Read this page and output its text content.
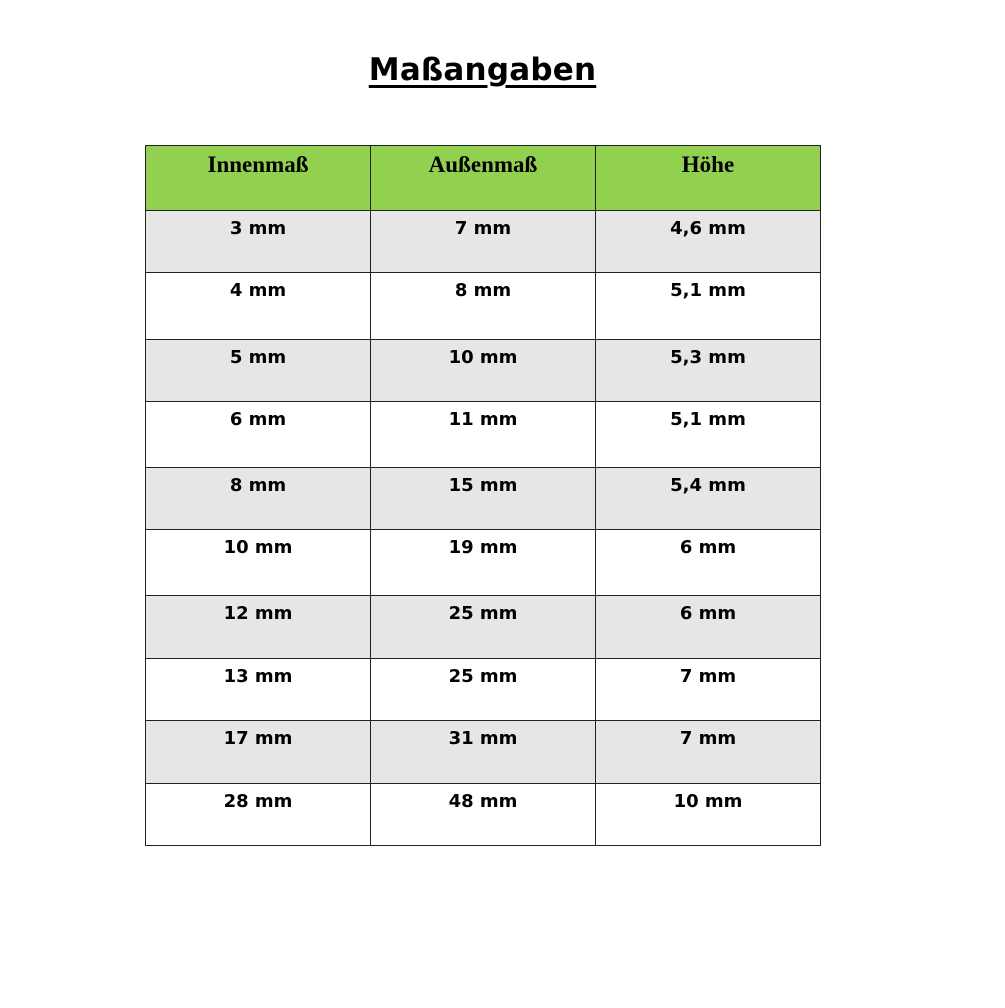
Maßangaben
Innenmaß	Außenmaß	Höhe
3 mm	7 mm	4,6 mm
4 mm	8 mm	5,1 mm
5 mm	10 mm	5,3 mm
6 mm	11 mm	5,1 mm
8 mm	15 mm	5,4 mm
10 mm	19 mm	6 mm
12 mm	25 mm	6 mm
13 mm	25 mm	7 mm
17 mm	31 mm	7 mm
28 mm	48 mm	10 mm
